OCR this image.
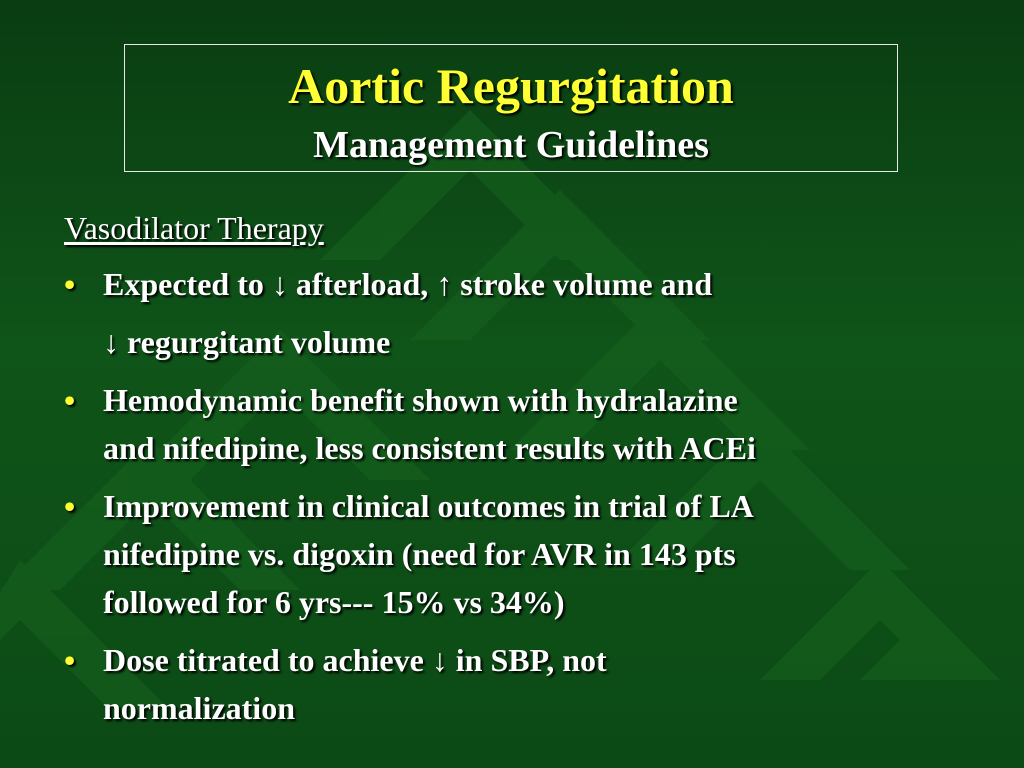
Aortic Regurgitation
Management Guidelines
Vasodilator Therapy
• Expected to ↓ afterload, ↑ stroke volume and
↓ regurgitant volume
• Hemodynamic benefit shown with hydralazine
and nifedipine, less consistent results with ACEi
• Improvement in clinical outcomes in trial of LA
nifedipine vs. digoxin (need for AVR in 143 pts
followed for 6 yrs--- 15% vs 34%)
• Dose titrated to achieve ↓ in SBP, not
normalization
